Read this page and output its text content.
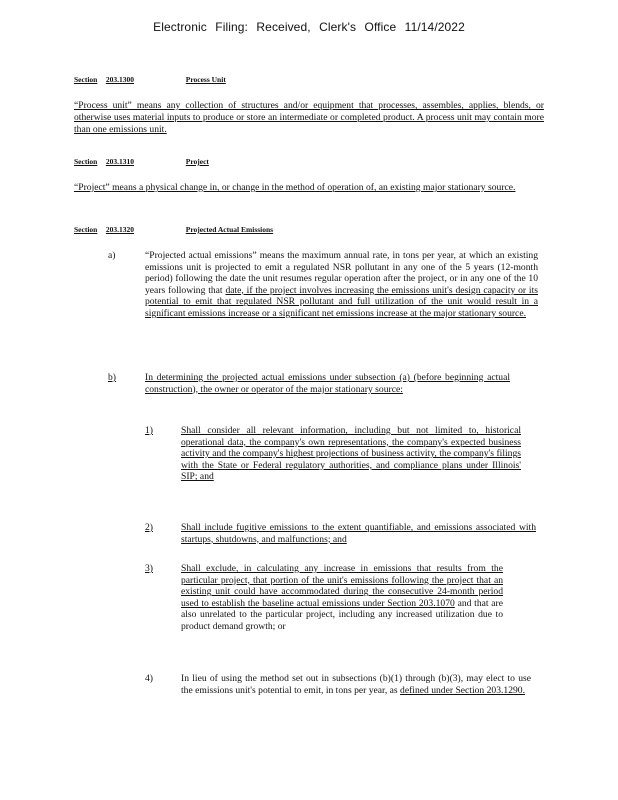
Electronic Filing: Received, Clerk's Office 11/14/2022
Section 203.1300	Process Unit

“Process unit” means any collection of structures and/or equipment that processes, assembles, applies, blends, or otherwise uses material inputs to produce or store an intermediate or completed product. A process unit may contain more than one emissions unit.

Section 203.1310	Project

“Project” means a physical change in, or change in the method of operation of, an existing major stationary source.

Section 203.1320	Projected Actual Emissions
a)	“Projected actual emissions” means the maximum annual rate, in tons per year, at which an existing emissions unit is projected to emit a regulated NSR pollutant in any one of the 5 years (12-month period) following the date the unit resumes regular operation after the project, or in any one of the 10 years following that date, if the project involves increasing the emissions unit's design capacity or its potential to emit that regulated NSR pollutant and full utilization of the unit would result in a significant emissions increase or a significant net emissions increase at the major stationary source.

b)	In determining the projected actual emissions under subsection (a) (before beginning actual construction), the owner or operator of the major stationary source:

1)	Shall consider all relevant information, including but not limited to, historical operational data, the company's own representations, the company's expected business activity and the company's highest projections of business activity, the company's filings with the State or Federal regulatory authorities, and compliance plans under Illinois' SIP; and

2)	Shall include fugitive emissions to the extent quantifiable, and emissions associated with startups, shutdowns, and malfunctions; and

3)	Shall exclude, in calculating any increase in emissions that results from the particular project, that portion of the unit's emissions following the project that an existing unit could have accommodated during the consecutive 24-month period used to establish the baseline actual emissions under Section 203.1070 and that are also unrelated to the particular project, including any increased utilization due to product demand growth; or

4)	In lieu of using the method set out in subsections (b)(1) through (b)(3), may elect to use the emissions unit's potential to emit, in tons per year, as defined under Section 203.1290.
